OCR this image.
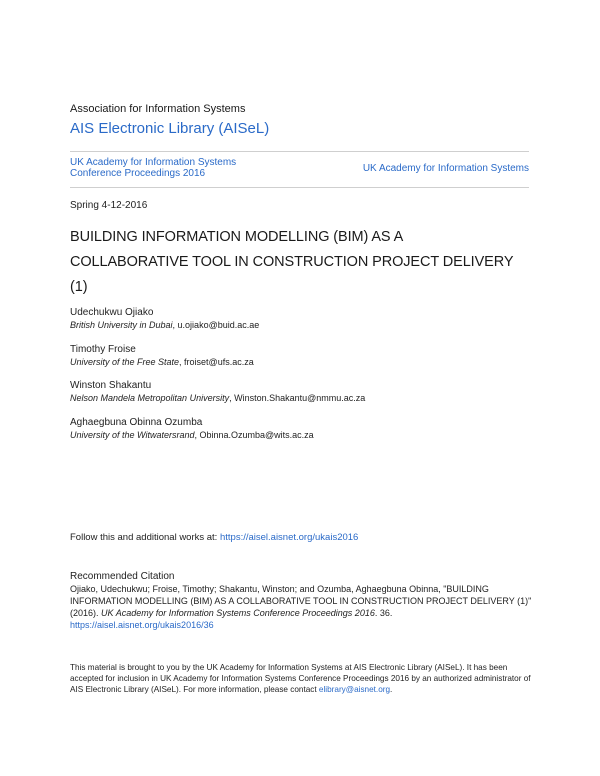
Association for Information Systems
AIS Electronic Library (AISeL)
UK Academy for Information Systems
Conference Proceedings 2016	UK Academy for Information Systems
Spring 4-12-2016
BUILDING INFORMATION MODELLING (BIM) AS A
COLLABORATIVE TOOL IN CONSTRUCTION PROJECT DELIVERY
(1)
Udechukwu Ojiako
British University in Dubai, u.ojiako@buid.ac.ae
Timothy Froise
University of the Free State, froiset@ufs.ac.za
Winston Shakantu
Nelson Mandela Metropolitan University, Winston.Shakantu@nmmu.ac.za
Aghaegbuna Obinna Ozumba
University of the Witwatersrand, Obinna.Ozumba@wits.ac.za
Follow this and additional works at: https://aisel.aisnet.org/ukais2016
Recommended Citation
Ojiako, Udechukwu; Froise, Timothy; Shakantu, Winston; and Ozumba, Aghaegbuna Obinna, "BUILDING INFORMATION MODELLING (BIM) AS A COLLABORATIVE TOOL IN CONSTRUCTION PROJECT DELIVERY (1)" (2016). UK Academy for Information Systems Conference Proceedings 2016. 36.
https://aisel.aisnet.org/ukais2016/36
This material is brought to you by the UK Academy for Information Systems at AIS Electronic Library (AISeL). It has been accepted for inclusion in UK Academy for Information Systems Conference Proceedings 2016 by an authorized administrator of AIS Electronic Library (AISeL). For more information, please contact elibrary@aisnet.org.
